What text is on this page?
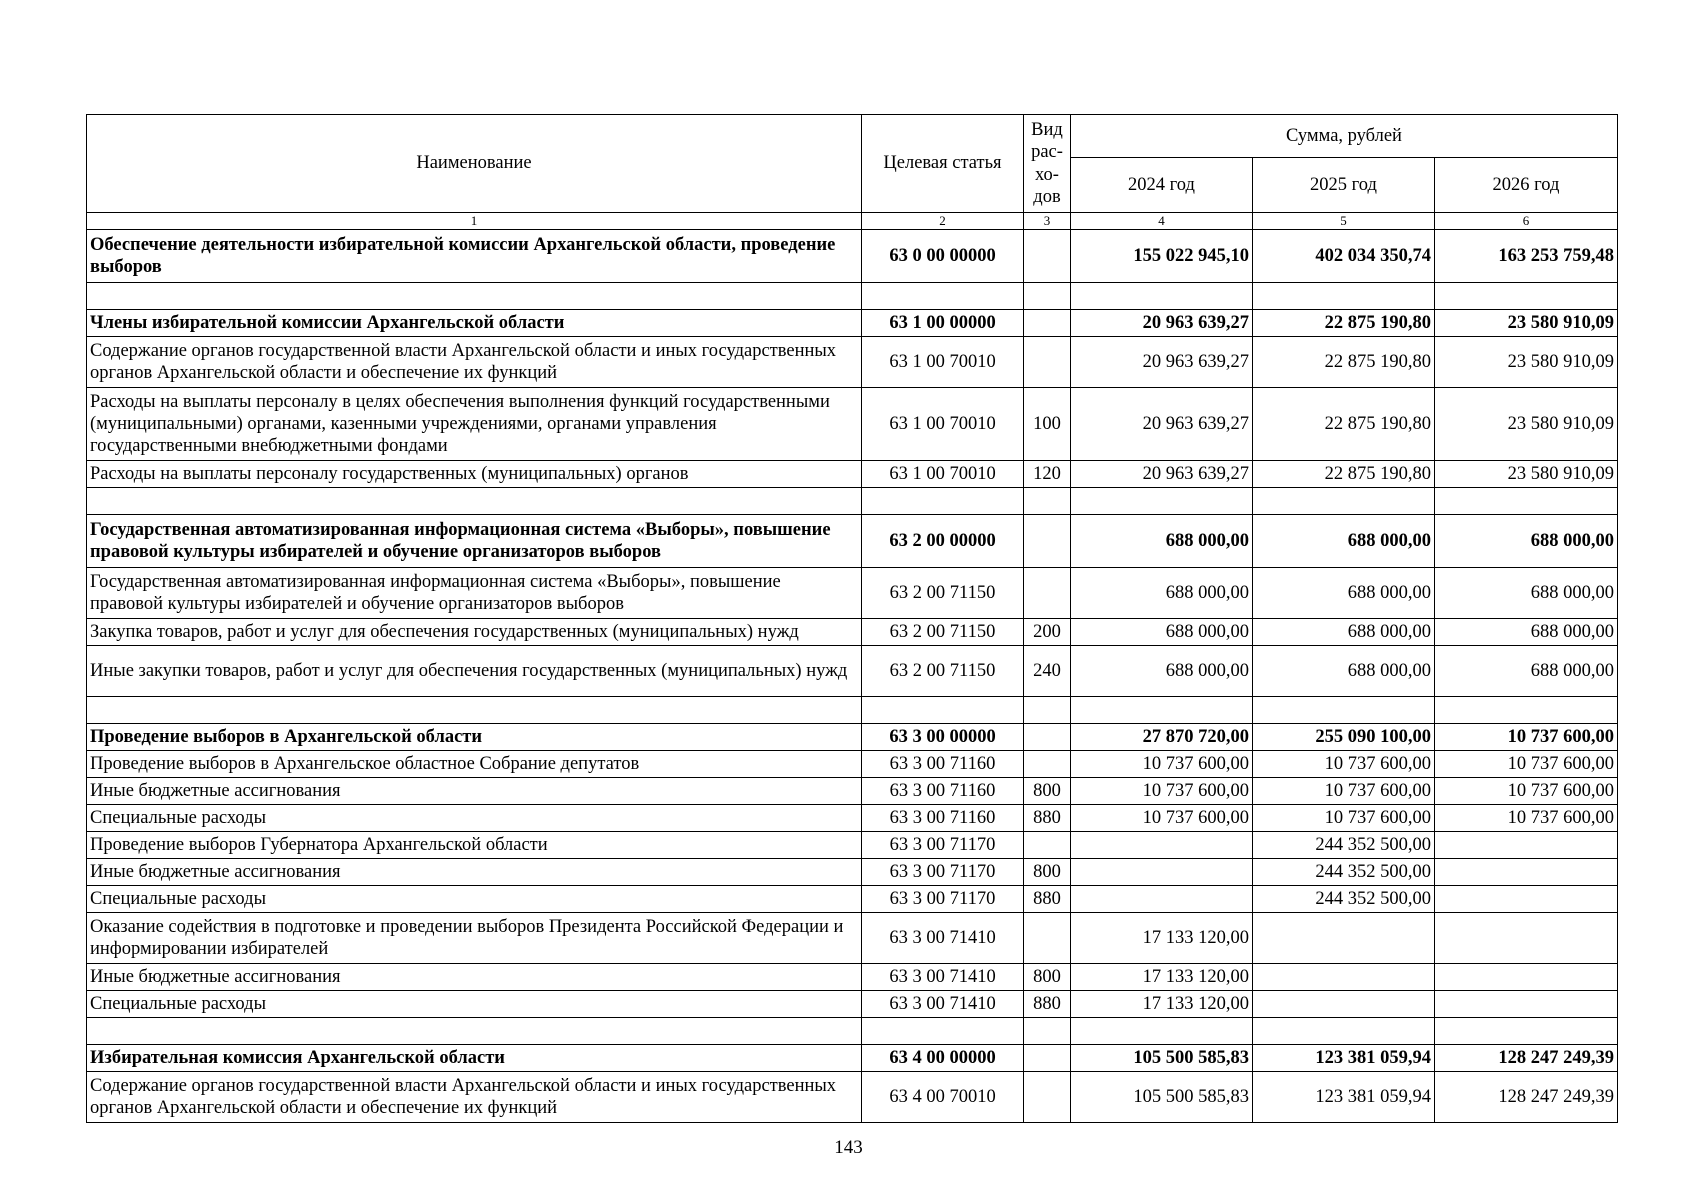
Наименование	Целевая статья	Вид рас-хо-дов	Сумма, рублей		
			2024 год	2025 год	2026 год
1	2	3	4	5	6
Обеспечение деятельности избирательной комиссии Архангельской области, проведение выборов	63 0 00 00000		155 022 945,10	402 034 350,74	163 253 759,48

Члены избирательной комиссии Архангельской области	63 1 00 00000		20 963 639,27	22 875 190,80	23 580 910,09
Содержание органов государственной власти Архангельской области и иных государственных органов Архангельской области и обеспечение их функций	63 1 00 70010		20 963 639,27	22 875 190,80	23 580 910,09
Расходы на выплаты персоналу в целях обеспечения выполнения функций государственными (муниципальными) органами, казенными учреждениями, органами управления государственными внебюджетными фондами	63 1 00 70010	100	20 963 639,27	22 875 190,80	23 580 910,09
Расходы на выплаты персоналу государственных (муниципальных) органов	63 1 00 70010	120	20 963 639,27	22 875 190,80	23 580 910,09

Государственная автоматизированная информационная система «Выборы», повышение правовой культуры избирателей и обучение организаторов выборов	63 2 00 00000		688 000,00	688 000,00	688 000,00
Государственная автоматизированная информационная система «Выборы», повышение правовой культуры избирателей и обучение организаторов выборов	63 2 00 71150		688 000,00	688 000,00	688 000,00
Закупка товаров, работ и услуг для обеспечения государственных (муниципальных) нужд	63 2 00 71150	200	688 000,00	688 000,00	688 000,00
Иные закупки товаров, работ и услуг для обеспечения государственных (муниципальных) нужд	63 2 00 71150	240	688 000,00	688 000,00	688 000,00

Проведение выборов в Архангельской области	63 3 00 00000		27 870 720,00	255 090 100,00	10 737 600,00
Проведение выборов в Архангельское областное Собрание депутатов	63 3 00 71160		10 737 600,00	10 737 600,00	10 737 600,00
Иные бюджетные ассигнования	63 3 00 71160	800	10 737 600,00	10 737 600,00	10 737 600,00
Специальные расходы	63 3 00 71160	880	10 737 600,00	10 737 600,00	10 737 600,00
Проведение выборов Губернатора Архангельской области	63 3 00 71170			244 352 500,00	
Иные бюджетные ассигнования	63 3 00 71170	800		244 352 500,00	
Специальные расходы	63 3 00 71170	880		244 352 500,00	
Оказание содействия в подготовке и проведении выборов Президента Российской Федерации и информировании избирателей	63 3 00 71410		17 133 120,00		
Иные бюджетные ассигнования	63 3 00 71410	800	17 133 120,00		
Специальные расходы	63 3 00 71410	880	17 133 120,00		

Избирательная комиссия Архангельской области	63 4 00 00000		105 500 585,83	123 381 059,94	128 247 249,39
Содержание органов государственной власти Архангельской области и иных государственных органов Архангельской области и обеспечение их функций	63 4 00 70010		105 500 585,83	123 381 059,94	128 247 249,39
143
